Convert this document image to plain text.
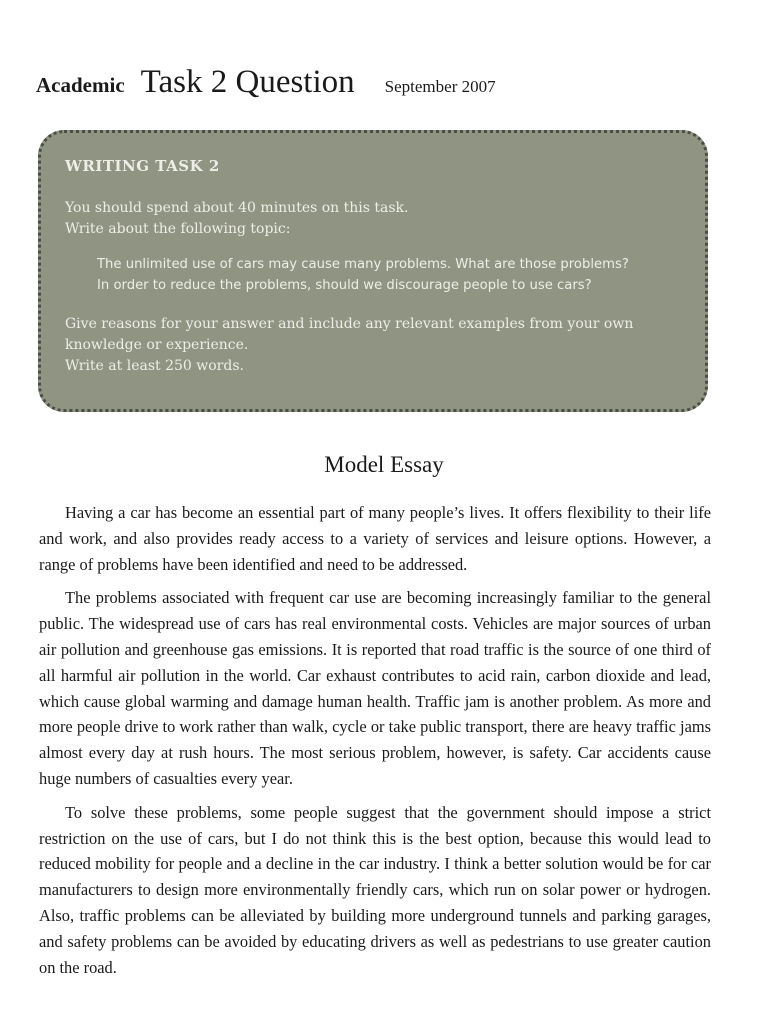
Academic Task 2 Question September 2007
WRITING TASK 2
You should spend about 40 minutes on this task.
Write about the following topic:
The unlimited use of cars may cause many problems. What are those problems?
In order to reduce the problems, should we discourage people to use cars?
Give reasons for your answer and include any relevant examples from your own knowledge or experience.
Write at least 250 words.
Model Essay

Having a car has become an essential part of many people’s lives. It offers flexibility to their life and work, and also provides ready access to a variety of services and leisure options. However, a range of problems have been identified and need to be addressed.

The problems associated with frequent car use are becoming increasingly familiar to the general public. The widespread use of cars has real environmental costs. Vehicles are major sources of urban air pollution and greenhouse gas emissions. It is reported that road traffic is the source of one third of all harmful air pollution in the world. Car exhaust contributes to acid rain, carbon dioxide and lead, which cause global warming and damage human health. Traffic jam is another problem. As more and more people drive to work rather than walk, cycle or take public transport, there are heavy traffic jams almost every day at rush hours. The most serious problem, however, is safety. Car accidents cause huge numbers of casualties every year.

To solve these problems, some people suggest that the government should impose a strict restriction on the use of cars, but I do not think this is the best option, because this would lead to reduced mobility for people and a decline in the car industry. I think a better solution would be for car manufacturers to design more environmentally friendly cars, which run on solar power or hydrogen. Also, traffic problems can be alleviated by building more underground tunnels and parking garages, and safety problems can be avoided by educating drivers as well as pedestrians to use greater caution on the road.
